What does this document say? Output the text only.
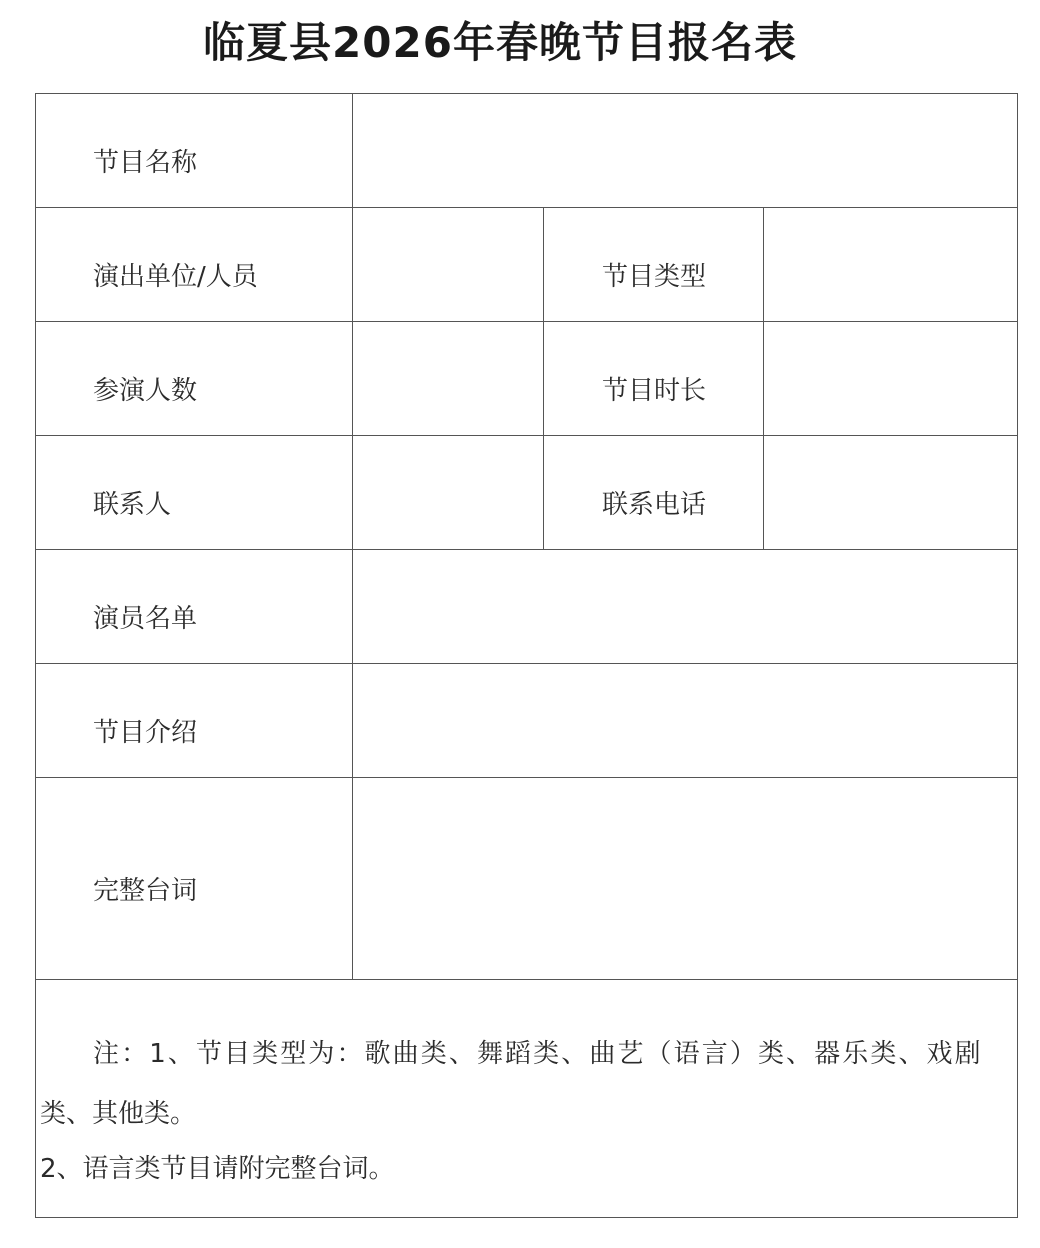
临夏县2026年春晚节目报名表
节目名称
演出单位/人员	节目类型
参演人数	节目时长
联系人	联系电话
演员名单
节目介绍
完整台词
注：1、节目类型为：歌曲类、舞蹈类、曲艺（语言）类、器乐类、戏剧
类、其他类。
2、语言类节目请附完整台词。
